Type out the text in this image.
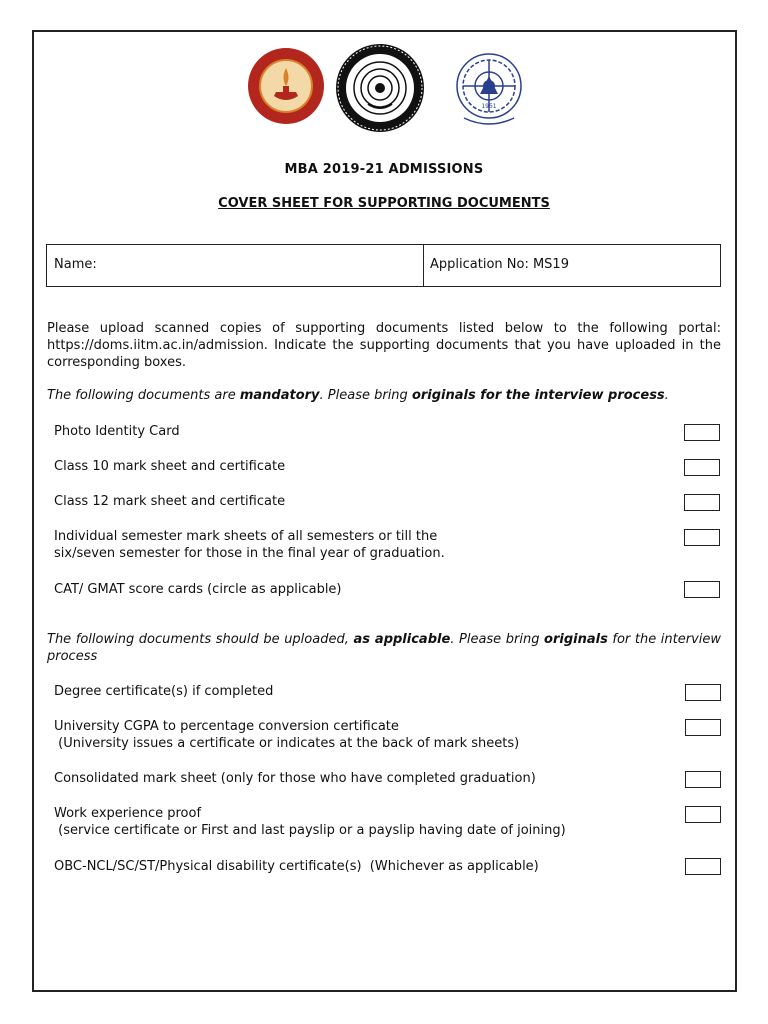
1951
MBA 2019-21 ADMISSIONS
COVER SHEET FOR SUPPORTING DOCUMENTS
Name:	Application No: MS19
Please upload scanned copies of supporting documents listed below to the following portal:
https://doms.iitm.ac.in/admission. Indicate the supporting documents that you have uploaded in the corresponding boxes.
The following documents are mandatory. Please bring originals for the interview process.
Photo Identity Card
Class 10 mark sheet and certificate
Class 12 mark sheet and certificate
Individual semester mark sheets of all semesters or till the
six/seven semester for those in the final year of graduation.
CAT/ GMAT score cards (circle as applicable)
The following documents should be uploaded, as applicable. Please bring originals for the interview process
Degree certificate(s) if completed
University CGPA to percentage conversion certificate
(University issues a certificate or indicates at the back of mark sheets)
Consolidated mark sheet (only for those who have completed graduation)
Work experience proof
(service certificate or First and last payslip or a payslip having date of joining)
OBC-NCL/SC/ST/Physical disability certificate(s)  (Whichever as applicable)
